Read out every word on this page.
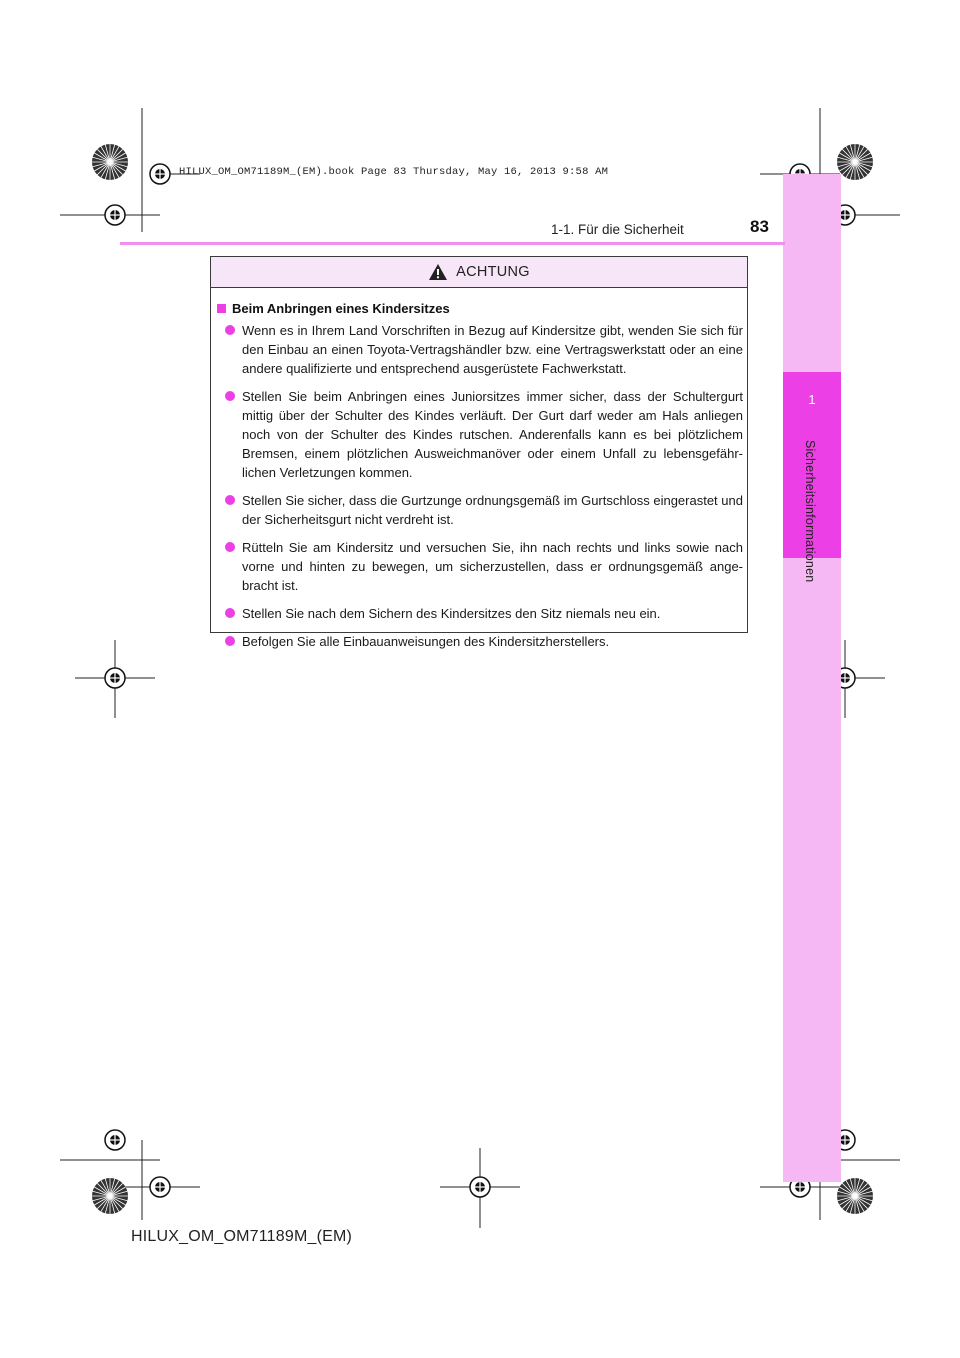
HILUX_OM_OM71189M_(EM).book Page 83 Thursday, May 16, 2013 9:58 AM
1
Sicherheitsinformationen
1-1. Für die Sicherheit	83
ACHTUNG
Beim Anbringen eines Kindersitzes
Wenn es in Ihrem Land Vorschriften in Bezug auf Kindersitze gibt, wenden Sie sich für den Einbau an einen Toyota-Vertragshändler bzw. eine Vertragswerkstatt oder an eine andere qualifizierte und entsprechend ausgerüstete Fachwerkstatt.
Stellen Sie beim Anbringen eines Juniorsitzes immer sicher, dass der Schultergurt mittig über der Schulter des Kindes verläuft. Der Gurt darf weder am Hals anliegen noch von der Schulter des Kindes rutschen. Anderenfalls kann es bei plötzlichem Bremsen, einem plötzlichen Ausweichmanöver oder einem Unfall zu lebensgefähr-lichen Verletzungen kommen.
Stellen Sie sicher, dass die Gurtzunge ordnungsgemäß im Gurtschloss eingerastet und der Sicherheitsgurt nicht verdreht ist.
Rütteln Sie am Kindersitz und versuchen Sie, ihn nach rechts und links sowie nach vorne und hinten zu bewegen, um sicherzustellen, dass er ordnungsgemäß ange-bracht ist.
Stellen Sie nach dem Sichern des Kindersitzes den Sitz niemals neu ein.
Befolgen Sie alle Einbauanweisungen des Kindersitzherstellers.
HILUX_OM_OM71189M_(EM)
